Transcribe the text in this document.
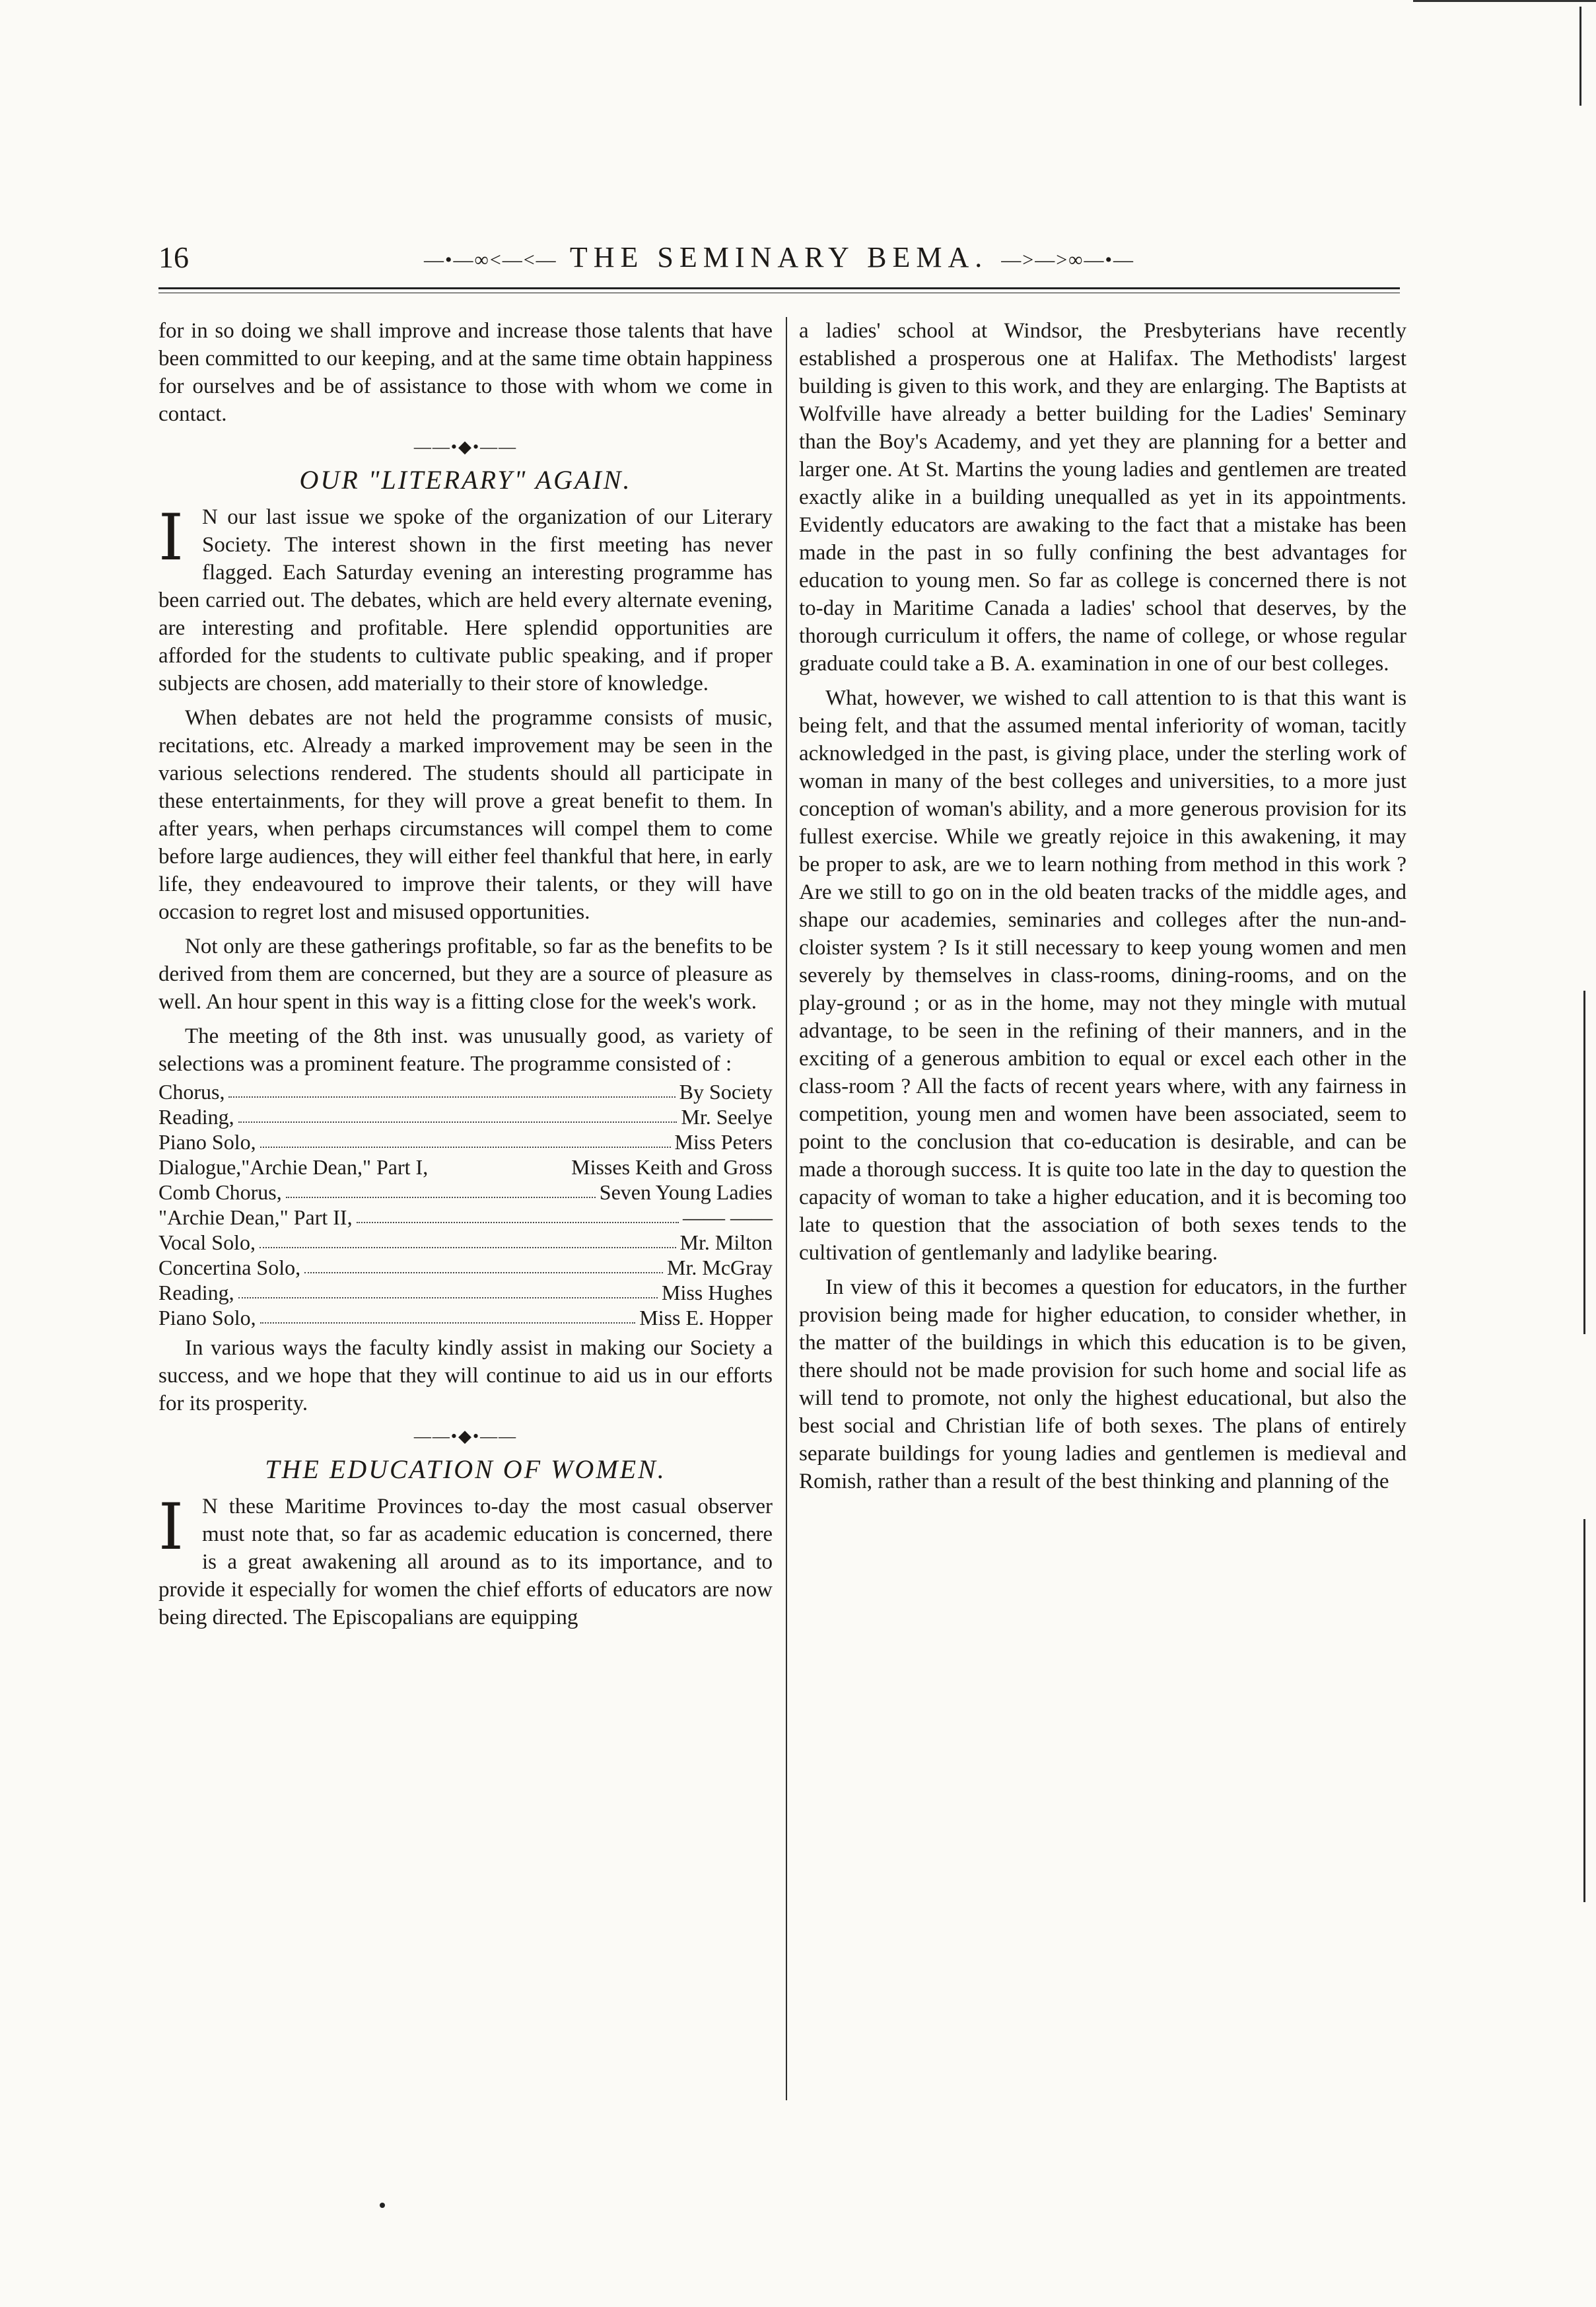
16	—•—∞<—<— THE SEMINARY BEMA. —>—>∞—•—

for in so doing we shall improve and increase those talents that have been committed to our keeping, and at the same time obtain happiness for ourselves and be of assistance to those with whom we come in contact.

——•◆•——
OUR "LITERARY" AGAIN.

I N our last issue we spoke of the organization of our Literary Society. The interest shown in the first meeting has never flagged. Each Saturday evening an interesting programme has been carried out. The debates, which are held every alternate evening, are interesting and profitable. Here splendid opportunities are afforded for the students to cultivate public speaking, and if proper subjects are chosen, add materially to their store of knowledge.

When debates are not held the programme consists of music, recitations, etc. Already a marked improvement may be seen in the various selections rendered. The students should all participate in these entertainments, for they will prove a great benefit to them. In after years, when perhaps circumstances will compel them to come before large audiences, they will either feel thankful that here, in early life, they endeavoured to improve their talents, or they will have occasion to regret lost and misused opportunities.

Not only are these gatherings profitable, so far as the benefits to be derived from them are concerned, but they are a source of pleasure as well. An hour spent in this way is a fitting close for the week's work.

The meeting of the 8th inst. was unusually good, as variety of selections was a prominent feature. The programme consisted of :

Chorus,	By Society
Reading,	Mr. Seelye
Piano Solo,	Miss Peters
Dialogue,"Archie Dean," Part I,	Misses Keith and Gross
Comb Chorus,	Seven Young Ladies
"Archie Dean," Part II,	—— ——
Vocal Solo,	Mr. Milton
Concertina Solo,	Mr. McGray
Reading,	Miss Hughes
Piano Solo,	Miss E. Hopper

In various ways the faculty kindly assist in making our Society a success, and we hope that they will continue to aid us in our efforts for its prosperity.

——•◆•——
THE EDUCATION OF WOMEN.

I N these Maritime Provinces to-day the most casual observer must note that, so far as academic education is concerned, there is a great awakening all around as to its importance, and to provide it especially for women the chief efforts of educators are now being directed. The Episcopalians are equipping

a ladies' school at Windsor, the Presbyterians have recently established a prosperous one at Halifax. The Methodists' largest building is given to this work, and they are enlarging. The Baptists at Wolfville have already a better building for the Ladies' Seminary than the Boy's Academy, and yet they are planning for a better and larger one. At St. Martins the young ladies and gentlemen are treated exactly alike in a building unequalled as yet in its appointments. Evidently educators are awaking to the fact that a mistake has been made in the past in so fully confining the best advantages for education to young men. So far as college is concerned there is not to-day in Maritime Canada a ladies' school that deserves, by the thorough curriculum it offers, the name of college, or whose regular graduate could take a B. A. examination in one of our best colleges.

What, however, we wished to call attention to is that this want is being felt, and that the assumed mental inferiority of woman, tacitly acknowledged in the past, is giving place, under the sterling work of woman in many of the best colleges and universities, to a more just conception of woman's ability, and a more generous provision for its fullest exercise. While we greatly rejoice in this awakening, it may be proper to ask, are we to learn nothing from method in this work ? Are we still to go on in the old beaten tracks of the middle ages, and shape our academies, seminaries and colleges after the nun-and-cloister system ? Is it still necessary to keep young women and men severely by themselves in class-rooms, dining-rooms, and on the play-ground ; or as in the home, may not they mingle with mutual advantage, to be seen in the refining of their manners, and in the exciting of a generous ambition to equal or excel each other in the class-room ? All the facts of recent years where, with any fairness in competition, young men and women have been associated, seem to point to the conclusion that co-education is desirable, and can be made a thorough success. It is quite too late in the day to question the capacity of woman to take a higher education, and it is becoming too late to question that the association of both sexes tends to the cultivation of gentlemanly and ladylike bearing.

In view of this it becomes a question for educators, in the further provision being made for higher education, to consider whether, in the matter of the buildings in which this education is to be given, there should not be made provision for such home and social life as will tend to promote, not only the highest educational, but also the best social and Christian life of both sexes. The plans of entirely separate buildings for young ladies and gentlemen is medieval and Romish, rather than a result of the best thinking and planning of the
